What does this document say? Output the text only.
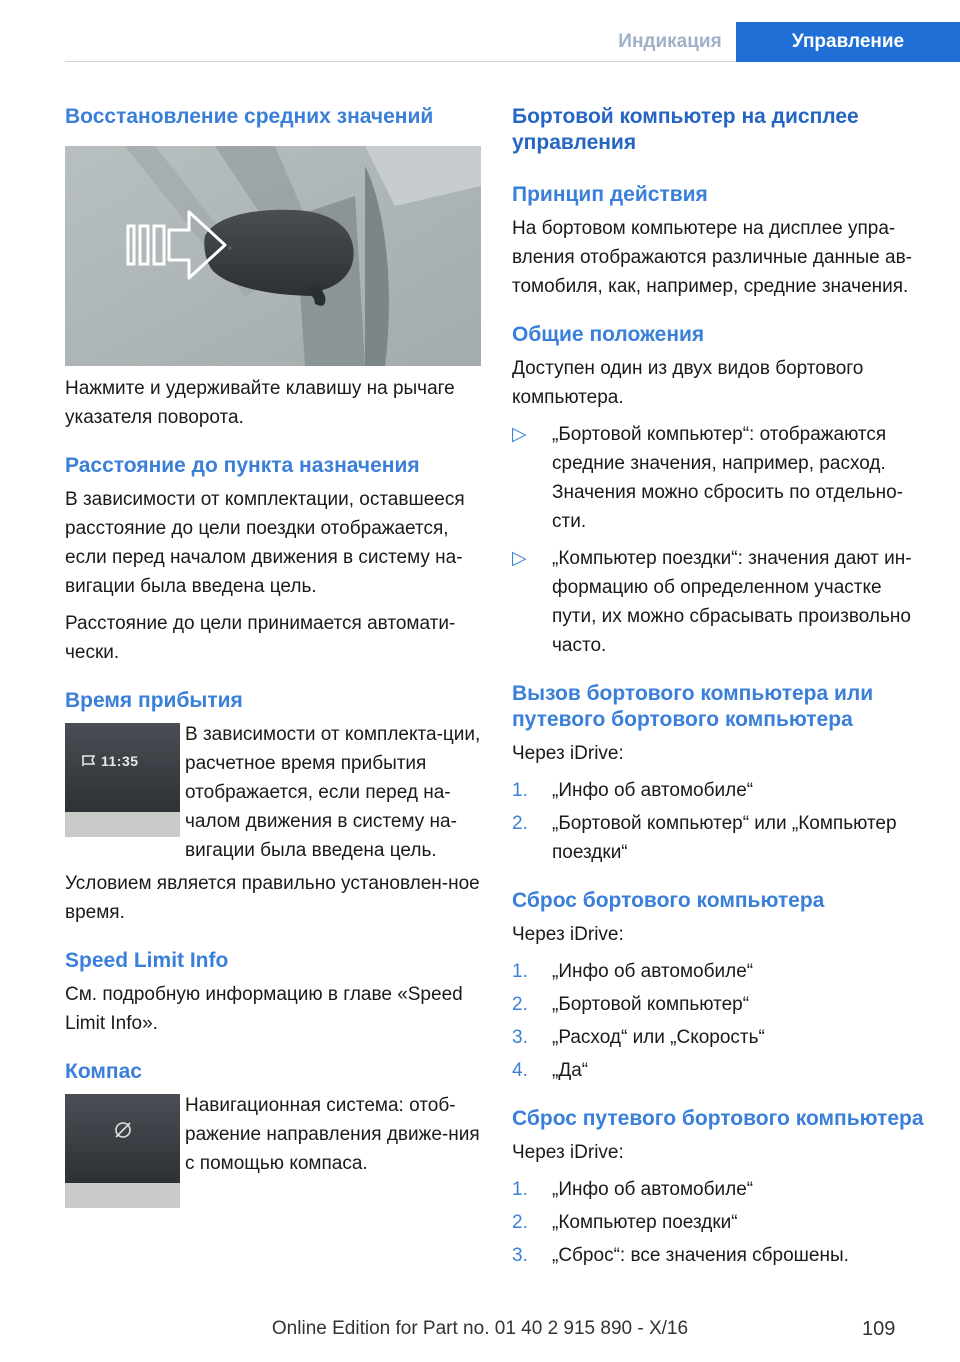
Индикация	Управление
Восстановление средних значений

Нажмите и удерживайте клавишу на рычаге указателя поворота.

Расстояние до пункта назначения

В зависимости от комплектации, оставшееся расстояние до цели поездки отображается, если перед началом движения в систему на-вигации была введена цель.

Расстояние до цели принимается автомати-чески.

Время прибытия
11:35

В зависимости от комплекта-ции, расчетное время прибытия отображается, если перед на-чалом движения в систему на-вигации была введена цель.

Условием является правильно установлен-ное время.

Speed Limit Info

См. подробную информацию в главе «Speed Limit Info».

Компас

Навигационная система: отоб-ражение направления движе-ния с помощью компаса.

Бортовой компьютер на дисплее управления
Принцип действия

На бортовом компьютере на дисплее упра-вления отображаются различные данные ав-томобиля, как, например, средние значения.

Общие положения

Доступен один из двух видов бортового компьютера.

▷ „Бортовой компьютер“: отображаются средние значения, например, расход. Значения можно сбросить по отдельно-сти.
▷ „Компьютер поездки“: значения дают ин-формацию об определенном участке пути, их можно сбрасывать произвольно часто.
Вызов бортового компьютера или путевого бортового компьютера

Через iDrive:

1. „Инфо об автомобиле“
2. „Бортовой компьютер“ или „Компьютер поездки“
Сброс бортового компьютера

Через iDrive:

1. „Инфо об автомобиле“
2. „Бортовой компьютер“
3. „Расход“ или „Скорость“
4. „Да“
Сброс путевого бортового компьютера

Через iDrive:

1. „Инфо об автомобиле“
2. „Компьютер поездки“
3. „Сброс“: все значения сброшены.
Online Edition for Part no. 01 40 2 915 890 - X/16	109
